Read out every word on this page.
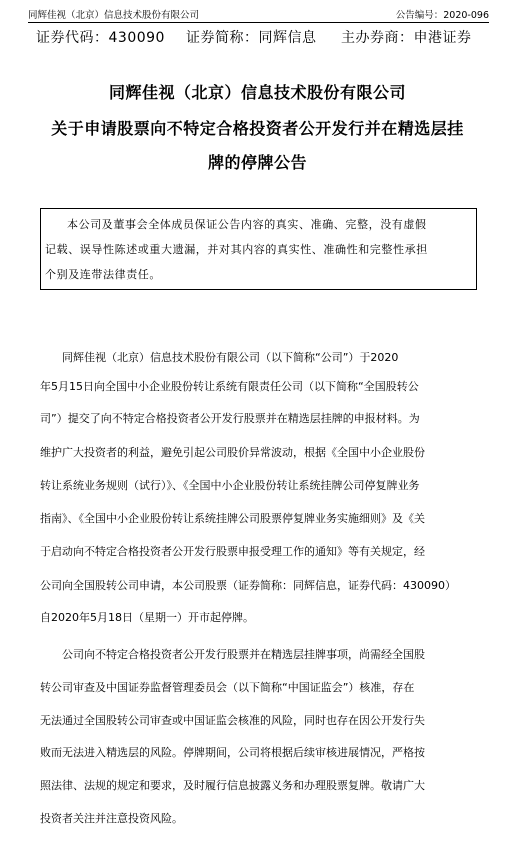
同辉佳视（北京）信息技术股份有限公司	公告编号：2020-096
证券代码：430090 证券简称：同辉信息 主办券商：申港证券
同辉佳视（北京）信息技术股份有限公司
关于申请股票向不特定合格投资者公开发行并在精选层挂
牌的停牌公告
本公司及董事会全体成员保证公告内容的真实、准确、完整，没有虚假
记载、误导性陈述或重大遗漏，并对其内容的真实性、准确性和完整性承担
个别及连带法律责任。
同辉佳视（北京）信息技术股份有限公司（以下简称“公司”）于2020
年5月15日向全国中小企业股份转让系统有限责任公司（以下简称“全国股转公
司”）提交了向不特定合格投资者公开发行股票并在精选层挂牌的申报材料。为
维护广大投资者的利益，避免引起公司股价异常波动，根据《全国中小企业股份
转让系统业务规则（试行）》、《全国中小企业股份转让系统挂牌公司停复牌业务
指南》、《全国中小企业股份转让系统挂牌公司股票停复牌业务实施细则》及《关
于启动向不特定合格投资者公开发行股票申报受理工作的通知》等有关规定，经
公司向全国股转公司申请，本公司股票（证券简称：同辉信息，证券代码：430090）
自2020年5月18日（星期一）开市起停牌。
公司向不特定合格投资者公开发行股票并在精选层挂牌事项，尚需经全国股
转公司审查及中国证券监督管理委员会（以下简称“中国证监会”）核准，存在
无法通过全国股转公司审查或中国证监会核准的风险，同时也存在因公开发行失
败而无法进入精选层的风险。停牌期间，公司将根据后续审核进展情况，严格按
照法律、法规的规定和要求，及时履行信息披露义务和办理股票复牌。敬请广大
投资者关注并注意投资风险。
